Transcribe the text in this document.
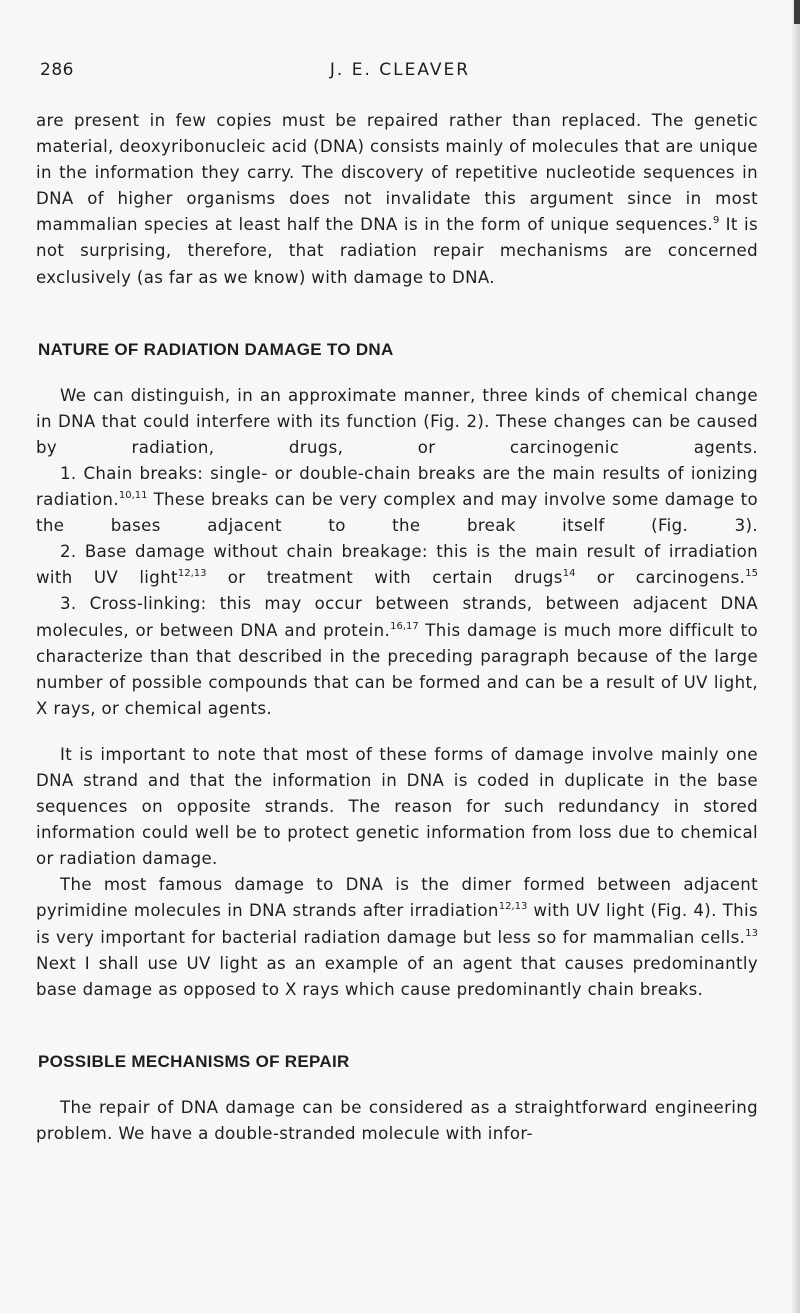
286	J. E. CLEAVER

are present in few copies must be repaired rather than replaced. The genetic material, deoxyribonucleic acid (DNA) consists mainly of molecules that are unique in the information they carry. The discovery of repetitive nucleotide sequences in DNA of higher organisms does not invalidate this argument since in most mammalian species at least half the DNA is in the form of unique sequences.$^9$ It is not surprising, therefore, that radiation repair mechanisms are concerned exclusively (as far as we know) with damage to DNA.

NATURE OF RADIATION DAMAGE TO DNA

We can distinguish, in an approximate manner, three kinds of chemical change in DNA that could interfere with its function (Fig. 2). These changes can be caused by radiation, drugs, or carcinogenic agents.

1. Chain breaks: single- or double-chain breaks are the main results of ionizing radiation.$^{10,11}$ These breaks can be very complex and may involve some damage to the bases adjacent to the break itself (Fig. 3).

2. Base damage without chain breakage: this is the main result of irradiation with UV light$^{12,13}$ or treatment with certain drugs$^{14}$ or carcinogens.$^{15}$

3. Cross-linking: this may occur between strands, between adjacent DNA molecules, or between DNA and protein.$^{16,17}$ This damage is much more difficult to characterize than that described in the preceding paragraph because of the large number of possible compounds that can be formed and can be a result of UV light, X rays, or chemical agents.

It is important to note that most of these forms of damage involve mainly one DNA strand and that the information in DNA is coded in duplicate in the base sequences on opposite strands. The reason for such redundancy in stored information could well be to protect genetic information from loss due to chemical or radiation damage.

The most famous damage to DNA is the dimer formed between adjacent pyrimidine molecules in DNA strands after irradiation$^{12,13}$ with UV light (Fig. 4). This is very important for bacterial radiation damage but less so for mammalian cells.$^{13}$ Next I shall use UV light as an example of an agent that causes predominantly base damage as opposed to X rays which cause predominantly chain breaks.

POSSIBLE MECHANISMS OF REPAIR

The repair of DNA damage can be considered as a straightforward engineering problem. We have a double-stranded molecule with infor-
